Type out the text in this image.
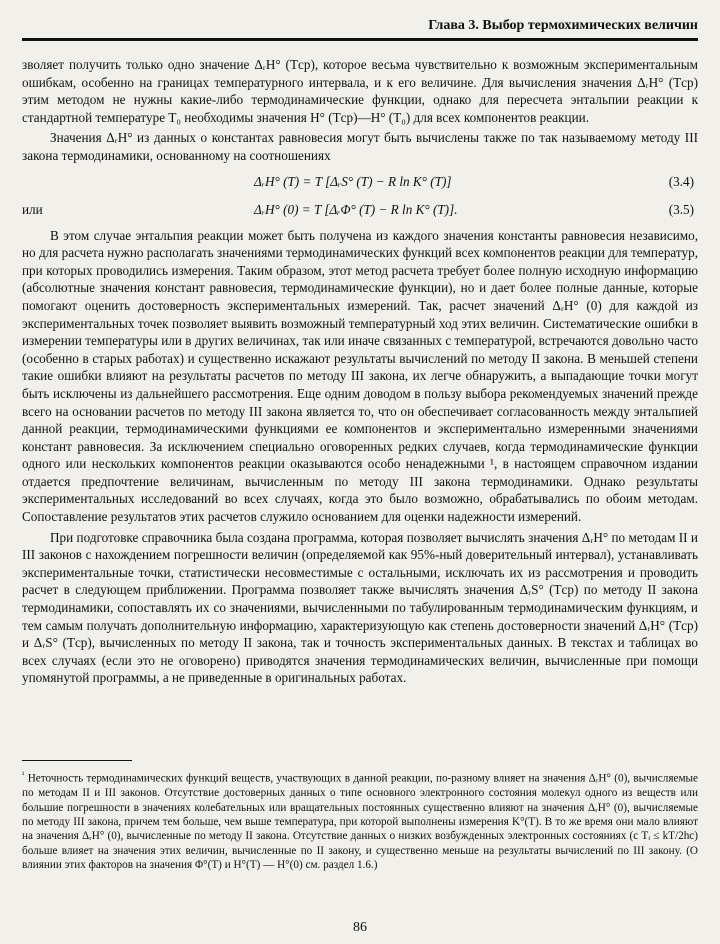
Глава 3. Выбор термохимических величин

зволяет получить только одно значение ΔᵣH° (Tср), которое весьма чувствительно к возможным экспериментальным ошибкам, особенно на границах температурного интервала, и к его величине. Для вычисления значения ΔᵣH° (Tср) этим методом не нужны какие-либо термодинамические функции, однако для пересчета энтальпии реакции к стандартной температуре T₀ необходимы значения H° (Tср)—H° (T₀) для всех компонентов реакции.

Значения ΔᵣH° из данных о константах равновесия могут быть вычислены также по так называемому методу III закона термодинамики, основанному на соотношениях

ΔᵣH° (T) = T [ΔᵣS° (T) − R ln K° (T)]	(3.4)
или	ΔᵣH° (0) = T [ΔᵣΦ° (T) − R ln K° (T)].	(3.5)

В этом случае энтальпия реакции может быть получена из каждого значения константы равновесия независимо, но для расчета нужно располагать значениями термодинамических функций всех компонентов реакции для температур, при которых проводились измерения. Таким образом, этот метод расчета требует более полную исходную информацию (абсолютные значения констант равновесия, термодинамические функции), но и дает более полные данные, которые помогают оценить достоверность экспериментальных измерений. Так, расчет значений ΔᵣH° (0) для каждой из экспериментальных точек позволяет выявить возможный температурный ход этих величин. Систематические ошибки в измерении температуры или в других величинах, так или иначе связанных с температурой, встречаются довольно часто (особенно в старых работах) и существенно искажают результаты вычислений по методу II закона. В меньшей степени такие ошибки влияют на результаты расчетов по методу III закона, их легче обнаружить, а выпадающие точки могут быть исключены из дальнейшего рассмотрения. Еще одним доводом в пользу выбора рекомендуемых значений прежде всего на основании расчетов по методу III закона является то, что он обеспечивает согласованность между энтальпией данной реакции, термодинамическими функциями ее компонентов и экспериментально измеренными значениями констант равновесия. За исключением специально оговоренных редких случаев, когда термодинамические функции одного или нескольких компонентов реакции оказываются особо ненадежными ¹, в настоящем справочном издании отдается предпочтение величинам, вычисленным по методу III закона термодинамики. Однако результаты экспериментальных исследований во всех случаях, когда это было возможно, обрабатывались по обоим методам. Сопоставление результатов этих расчетов служило основанием для оценки надежности измерений.

При подготовке справочника была создана программа, которая позволяет вычислять значения ΔᵣH° по методам II и III законов с нахождением погрешности величин (определяемой как 95%-ный доверительный интервал), устанавливать экспериментальные точки, статистически несовместимые с остальными, исключать их из рассмотрения и проводить расчет в следующем приближении. Программа позволяет также вычислять значения ΔᵣS° (Tср) по методу II закона термодинамики, сопоставлять их со значениями, вычисленными по табулированным термодинамическим функциям, и тем самым получать дополнительную информацию, характеризующую как степень достоверности значений ΔᵣH° (Tср) и ΔᵣS° (Tср), вычисленных по методу II закона, так и точность экспериментальных данных. В текстах и таблицах во всех случаях (если это не оговорено) приводятся значения термодинамических величин, вычисленные при помощи упомянутой программы, а не приведенные в оригинальных работах.

$^{^1}$ Неточность термодинамических функций веществ, участвующих в данной реакции, по-разному влияет на значения ΔᵣH° (0), вычисляемые по методам II и III законов. Отсутствие достоверных данных о типе основного электронного состояния молекул одного из веществ или большие погрешности в значениях колебательных или вращательных постоянных существенно влияют на значения ΔᵣH° (0), вычисляемые по методу III закона, причем тем больше, чем выше температура, при которой выполнены измерения K°(T). В то же время они мало влияют на значения ΔᵣH° (0), вычисленные по методу II закона. Отсутствие данных о низких возбужденных электронных состояниях (с Tᵢ ≤ kT/2hc) больше влияет на значения этих величин, вычисленные по II закону, и существенно меньше на результаты вычислений по III закону. (О влиянии этих факторов на значения Φ°(T) и H°(T) — H°(0) см. раздел 1.6.)
86
